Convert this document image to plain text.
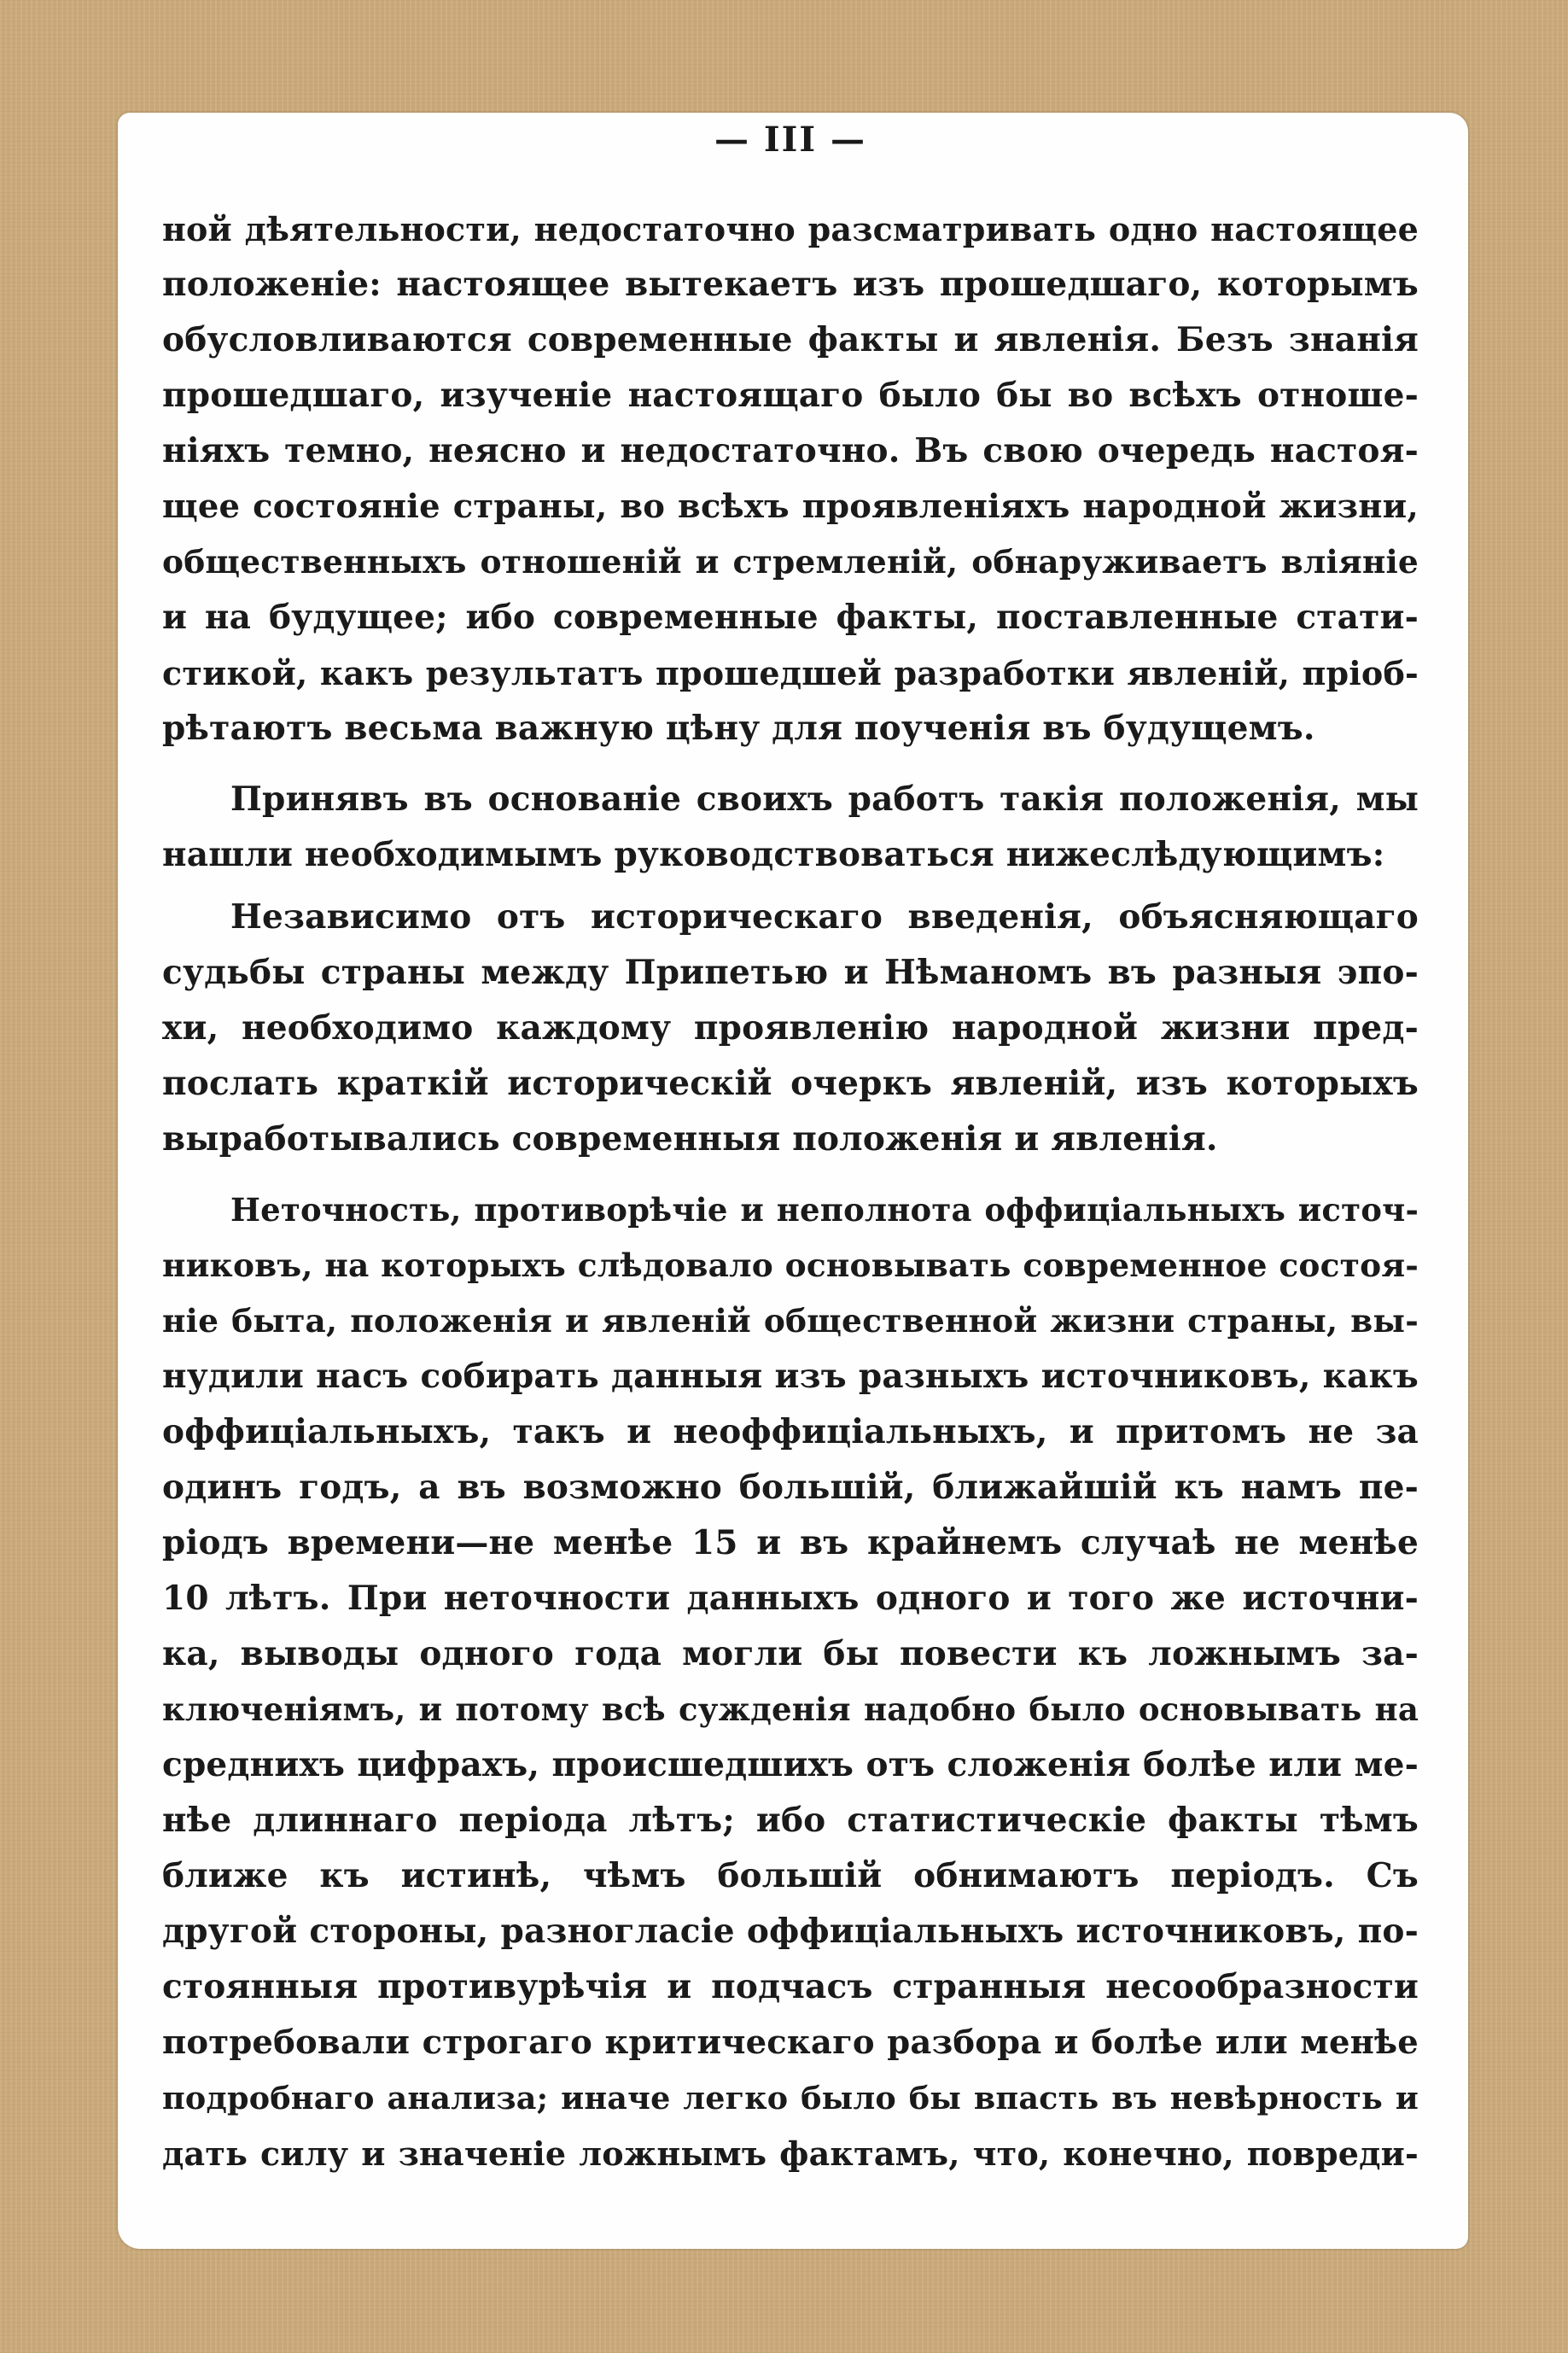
— III —
ной дѣятельности, недостаточно разсматривать одно настоящее
положеніе: настоящее вытекаетъ изъ прошедшаго, которымъ
обусловливаются современные факты и явленія. Безъ знанія
прошедшаго, изученіе настоящаго было бы во всѣхъ отноше-
ніяхъ темно, неясно и недостаточно. Въ свою очередь настоя-
щее состояніе страны, во всѣхъ проявленіяхъ народной жизни,
общественныхъ отношеній и стремленій, обнаруживаетъ вліяніе
и на будущее; ибо современные факты, поставленные стати-
стикой, какъ результатъ прошедшей разработки явленій, пріоб-
рѣтаютъ весьма важную цѣну для поученія въ будущемъ.
Принявъ въ основаніе своихъ работъ такія положенія, мы
нашли необходимымъ руководствоваться нижеслѣдующимъ:
Независимо отъ историческаго введенія, объясняющаго
судьбы страны между Припетью и Нѣманомъ въ разныя эпо-
хи, необходимо каждому проявленію народной жизни пред-
послать краткій историческій очеркъ явленій, изъ которыхъ
выработывались современныя положенія и явленія.
Неточность, противорѣчіе и неполнота оффиціальныхъ источ-
никовъ, на которыхъ слѣдовало основывать современное состоя-
ніе быта, положенія и явленій общественной жизни страны, вы-
нудили насъ собирать данныя изъ разныхъ источниковъ, какъ
оффиціальныхъ, такъ и неоффиціальныхъ, и притомъ не за
одинъ годъ, а въ возможно большій, ближайшій къ намъ пе-
ріодъ времени—не менѣе 15 и въ крайнемъ случаѣ не менѣе
10 лѣтъ. При неточности данныхъ одного и того же источни-
ка, выводы одного года могли бы повести къ ложнымъ за-
ключеніямъ, и потому всѣ сужденія надобно было основывать на
среднихъ цифрахъ, происшедшихъ отъ сложенія болѣе или ме-
нѣе длиннаго періода лѣтъ; ибо статистическіе факты тѣмъ
ближе къ истинѣ, чѣмъ большій обнимаютъ періодъ. Съ
другой стороны, разногласіе оффиціальныхъ источниковъ, по-
стоянныя противурѣчія и подчасъ странныя несообразности
потребовали строгаго критическаго разбора и болѣе или менѣе
подробнаго анализа; иначе легко было бы впасть въ невѣрность и
дать силу и значеніе ложнымъ фактамъ, что, конечно, повреди-
